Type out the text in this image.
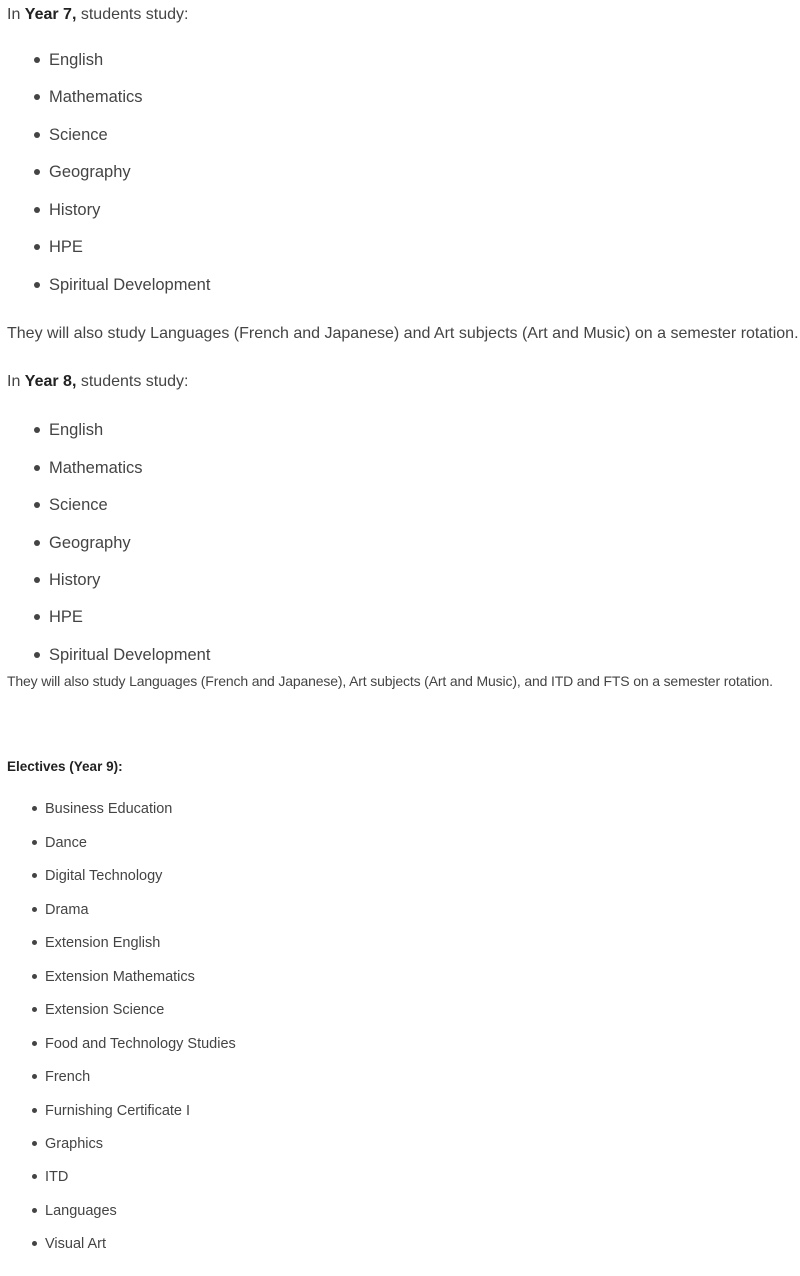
In Year 7, students study:
English
Mathematics
Science
Geography
History
HPE
Spiritual Development
They will also study Languages (French and Japanese) and Art subjects (Art and Music) on a semester rotation.
In Year 8, students study:
English
Mathematics
Science
Geography
History
HPE
Spiritual Development
They will also study Languages (French and Japanese), Art subjects (Art and Music), and ITD and FTS on a semester rotation.
Electives (Year 9):
Business Education
Dance
Digital Technology
Drama
Extension English
Extension Mathematics
Extension Science
Food and Technology Studies
French
Furnishing Certificate I
Graphics
ITD
Languages
Visual Art
